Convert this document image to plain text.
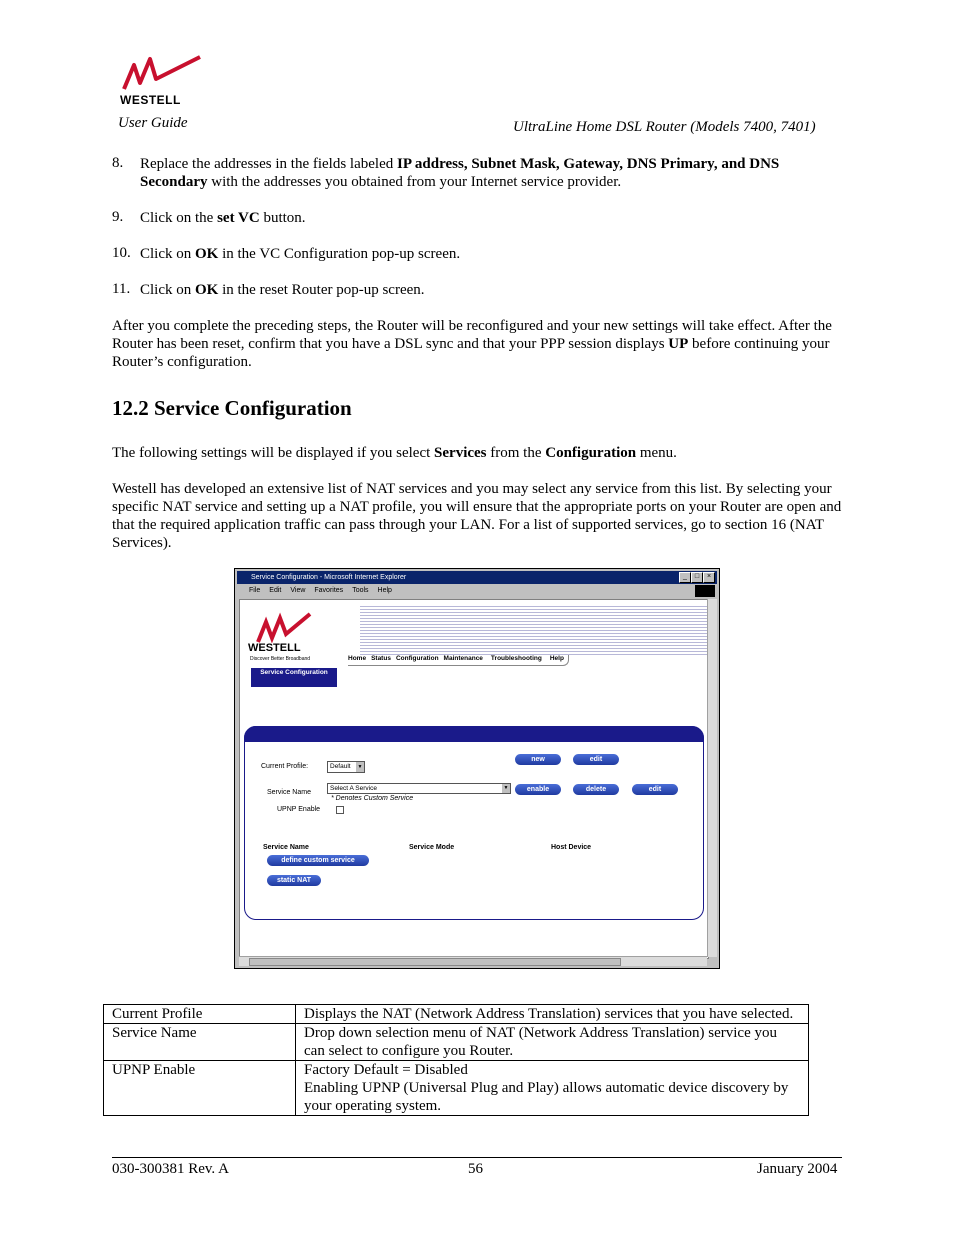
WESTELL
User Guide	UltraLine Home DSL Router (Models 7400, 7401)
8. Replace the addresses in the fields labeled IP address, Subnet Mask, Gateway, DNS Primary, and DNS Secondary with the addresses you obtained from your Internet service provider.
9. Click on the set VC button.
10. Click on OK in the VC Configuration pop-up screen.
11. Click on OK in the reset Router pop-up screen.
After you complete the preceding steps, the Router will be reconfigured and your new settings will take effect. After the Router has been reset, confirm that you have a DSL sync and that your PPP session displays UP before continuing your Router’s configuration.
12.2 Service Configuration
The following settings will be displayed if you select Services from the Configuration menu.
Westell has developed an extensive list of NAT services and you may select any service from this list. By selecting your specific NAT service and setting up a NAT profile, you will ensure that the appropriate ports on your Router are open and that the required application traffic can pass through your LAN. For a list of supported services, go to section 16 (NAT Services).
Service Configuration - Microsoft Internet Explorer	_	□	×
File Edit View Favorites Tools Help
WESTELL
Discover Better Broadband	Home Status Configuration Maintenance Troubleshooting Help
Service Configuration
Current Profile:	Default	▼
Service Name
Select A Service	▼
* Denotes Custom Service
UPNP Enable
new	edit
enable	delete	edit
Service Name	Service Mode	Host Device
define custom service
static NAT
Current Profile	Displays the NAT (Network Address Translation) services that you have selected.
Service Name	Drop down selection menu of NAT (Network Address Translation) service you can select to configure you Router.
UPNP Enable	Factory Default = Disabled
Enabling UPNP (Universal Plug and Play) allows automatic device discovery by your operating system.
030-300381 Rev. A	56	January 2004
